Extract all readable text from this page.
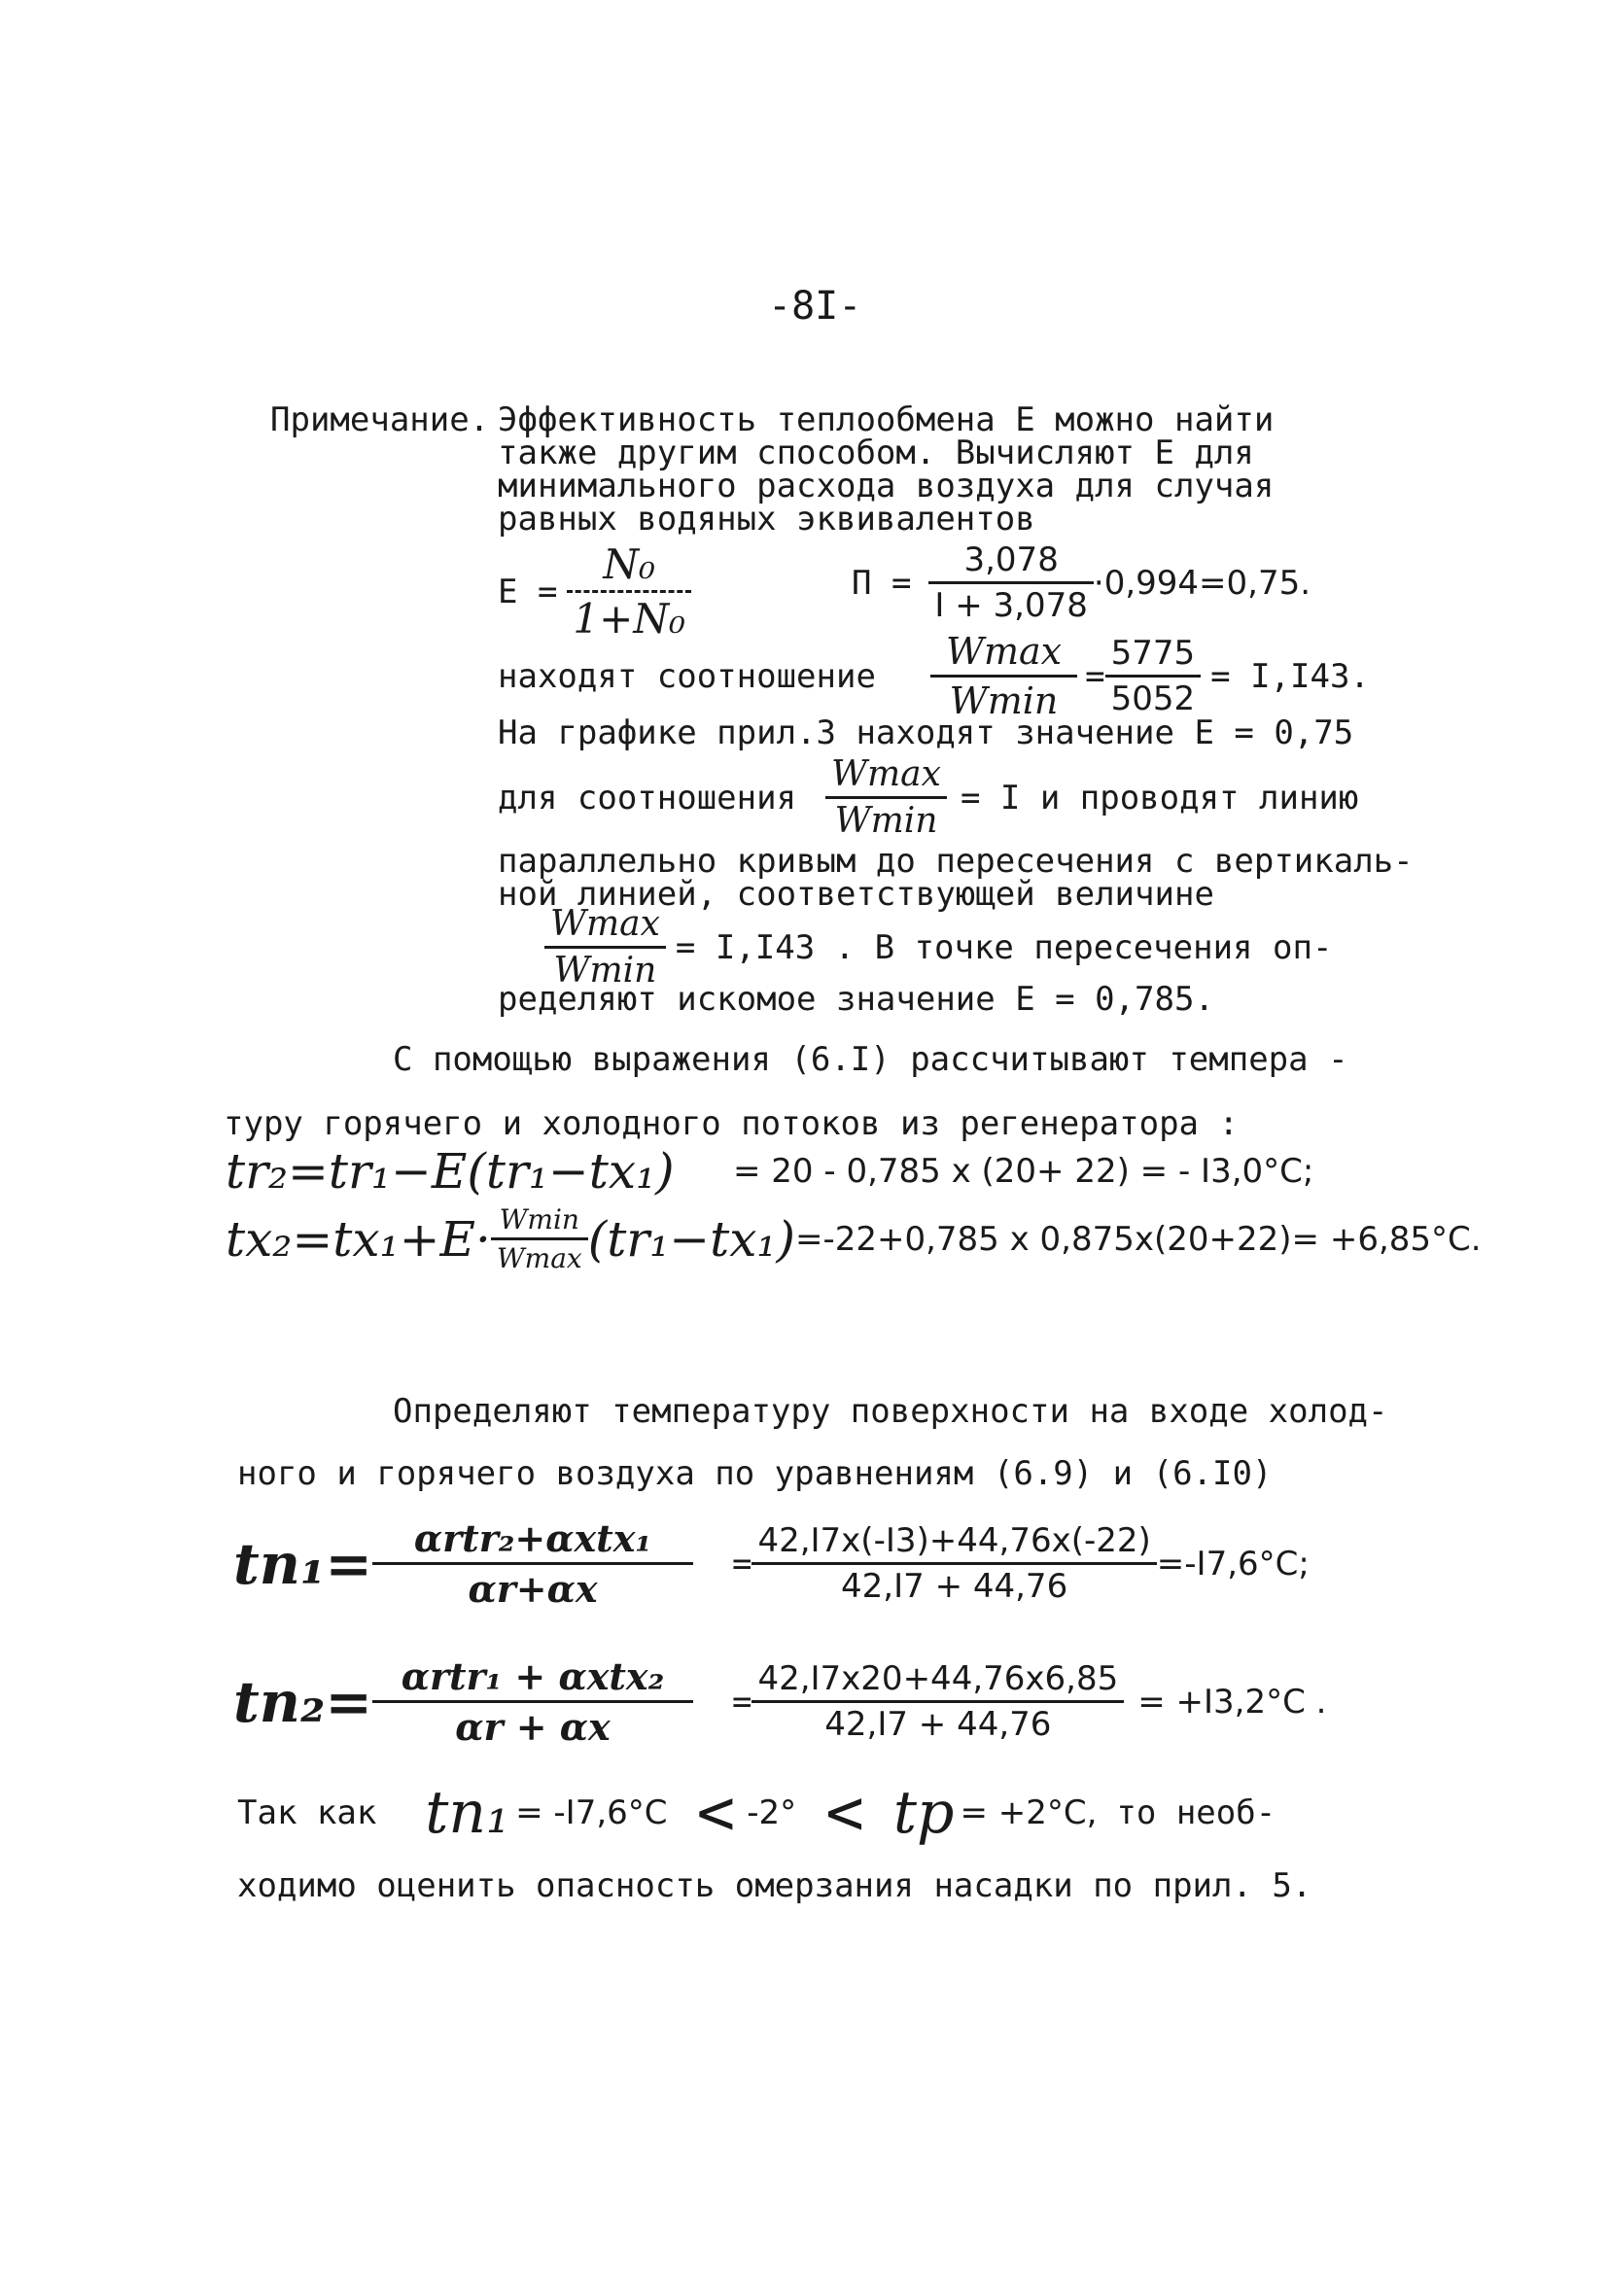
-8I-
Примечание. Эффективность теплообмена Е можно найти
также другим способом. Вычисляют Е для
минимального расхода воздуха для случая
равных водяных эквивалентов
$E = \frac{\text{N₀}}{\text{1+N₀}}$	$П = \frac{3,078}{I + 3,078} \cdot 0,994=0,75$.
находят соотношение $\frac{Wmax}{Wmin} = \frac{5775}{5052} = I,I43$.
На графике прил.3 находят значение Е = 0,75
для соотношения $\frac{Wmax}{Wmin} = I$ и проводят линию
параллельно кривым до пересечения с вертикаль-
ной линией, соответствующей величине
$\frac{Wmax}{Wmin} = I,I43$ . В точке пересечения оп-
ределяют искомое значение Е = 0,785.
С помощью выражения (6.I) рассчитывают темпера -
туру горячего и холодного потоков из регенератора :
tr₂=tr₁−E(tr₁−tx₁) = 20 - 0,785 x (20+ 22) = - I3,0°C;
$tx_2=tx_1+E\cdot \frac{Wmin}{Wmax} (tr_1-tx_1) =-22+0,785$ x 0,875x(20+22)= +6,85°C.
Определяют температуру поверхности на входе холод-
ного и горячего воздуха по уравнениям (6.9) и (6.I0)
$tп_1= \frac{\text{αrtr₂+αxtx₁}}{\alpha r+\alpha x} = \frac{42,I7x(-I3)+44,76x(-22)}{42,I7 + 44,76} =-I7,6^\circ C$;
$tп_2= \frac{\text{αrtr₁ + αxtx₂}}{\alpha r + \alpha x} = \frac{42,I7x20+44,76x6,85}{42,I7 + 44,76} = +I3,2^\circ C$ .
Так как tп₁ = -I7,6°C < -2° < tр = +2°C, то необ-
ходимо оценить опасность омерзания насадки по прил. 5.
